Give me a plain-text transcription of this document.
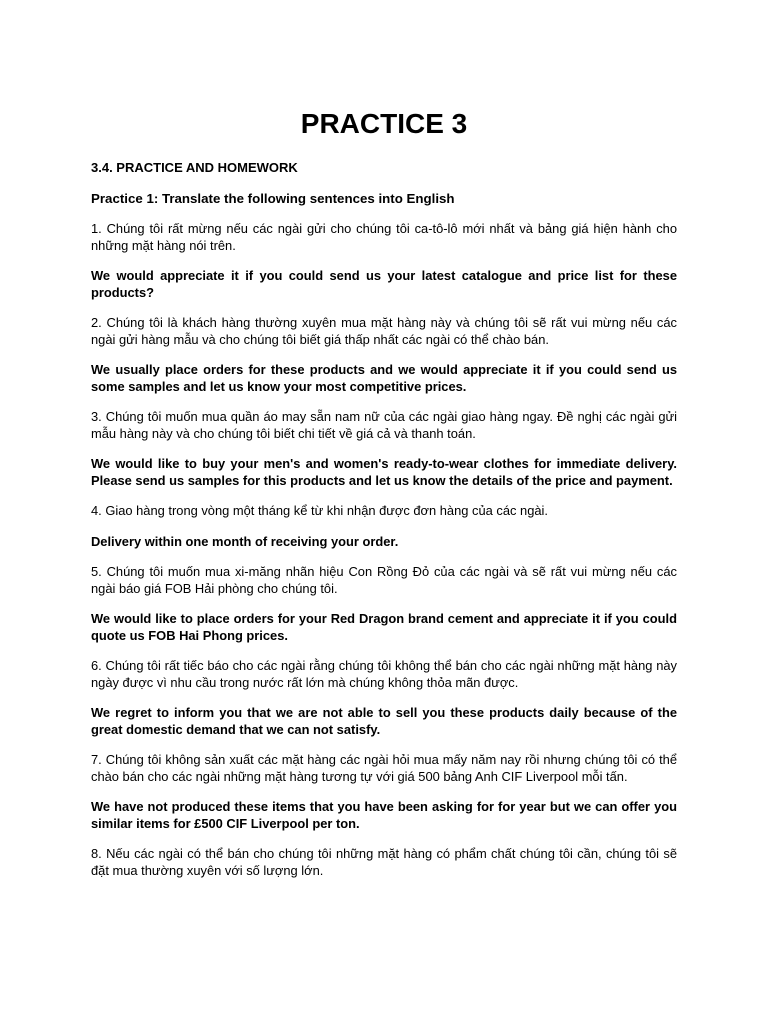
PRACTICE 3

3.4. PRACTICE AND HOMEWORK

Practice 1: Translate the following sentences into English

1. Chúng tôi rất mừng nếu các ngài gửi cho chúng tôi ca-tô-lô mới nhất và bảng giá hiện hành cho những mặt hàng nói trên.

We would appreciate it if you could send us your latest catalogue and price list for these products?

2. Chúng tôi là khách hàng thường xuyên mua mặt hàng này và chúng tôi sẽ rất vui mừng nếu các ngài gửi hàng mẫu và cho chúng tôi biết giá thấp nhất các ngài có thể chào bán.

We usually place orders for these products and we would appreciate it if you could send us some samples and let us know your most competitive prices.

3. Chúng tôi muốn mua quần áo may sẵn nam nữ của các ngài giao hàng ngay. Đề nghị các ngài gửi mẫu hàng này và cho chúng tôi biết chi tiết về giá cả và thanh toán.

We would like to buy your men's and women's ready-to-wear clothes for immediate delivery. Please send us samples for this products and let us know the details of the price and payment.

4. Giao hàng trong vòng một tháng kể từ khi nhận được đơn hàng của các ngài.

Delivery within one month of receiving your order.

5. Chúng tôi muốn mua xi-măng nhãn hiệu Con Rồng Đỏ của các ngài và sẽ rất vui mừng nếu các ngài báo giá FOB Hải phòng cho chúng tôi.

We would like to place orders for your Red Dragon brand cement and appreciate it if you could quote us FOB Hai Phong prices.

6. Chúng tôi rất tiếc báo cho các ngài rằng chúng tôi không thể bán cho các ngài những mặt hàng này ngày được vì nhu cầu trong nước rất lớn mà chúng không thỏa mãn được.

We regret to inform you that we are not able to sell you these products daily because of the great domestic demand that we can not satisfy.

7. Chúng tôi không sản xuất các mặt hàng các ngài hỏi mua mấy năm nay rồi nhưng chúng tôi có thể chào bán cho các ngài những mặt hàng tương tự với giá 500 bảng Anh CIF Liverpool mỗi tấn.

We have not produced these items that you have been asking for for year but we can offer you similar items for £500 CIF Liverpool per ton.

8. Nếu các ngài có thể bán cho chúng tôi những mặt hàng có phẩm chất chúng tôi cần, chúng tôi sẽ đặt mua thường xuyên với số lượng lớn.
